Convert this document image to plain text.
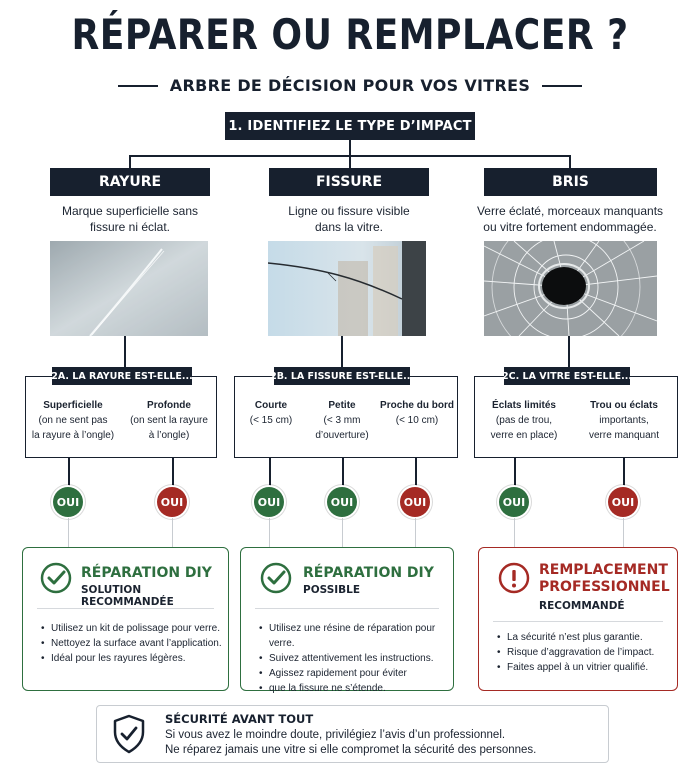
RÉPARER OU REMPLACER ?
ARBRE DE DÉCISION POUR VOS VITRES
1. IDENTIFIEZ LE TYPE D’IMPACT
RAYURE	FISSURE	BRIS
Marque superficielle sans
fissure ni éclat.
Ligne ou fissure visible
dans la vitre.
Verre éclaté, morceaux manquants
ou vitre fortement endommagée.
2A. LA RAYURE EST-ELLE...
Superficielle
(on ne sent pas
la rayure à l’ongle)
Profonde
(on sent la rayure
à l’ongle)
2B. LA FISSURE EST-ELLE...
Courte
(< 15 cm)
Petite
(< 3 mm
d’ouverture)
Proche du bord
(< 10 cm)
2C. LA VITRE EST-ELLE...
Éclats limités
(pas de trou,
verre en place)
Trou ou éclats
importants,
verre manquant
OUI	OUI	OUI	OUI	OUI	OUI	OUI
RÉPARATION DIY
SOLUTION RECOMMANDÉE
• Utilisez un kit de polissage pour verre.
• Nettoyez la surface avant l’application.
• Idéal pour les rayures légères.
RÉPARATION DIY
POSSIBLE
• Utilisez une résine de réparation pour verre.
• Suivez attentivement les instructions.
• Agissez rapidement pour éviter
• que la fissure ne s’étende.
REMPLACEMENT
PROFESSIONNEL
RECOMMANDÉ
• La sécurité n’est plus garantie.
• Risque d’aggravation de l’impact.
• Faites appel à un vitrier qualifié.
SÉCURITÉ AVANT TOUT
Si vous avez le moindre doute, privilégiez l’avis d’un professionnel.
Ne réparez jamais une vitre si elle compromet la sécurité des personnes.
